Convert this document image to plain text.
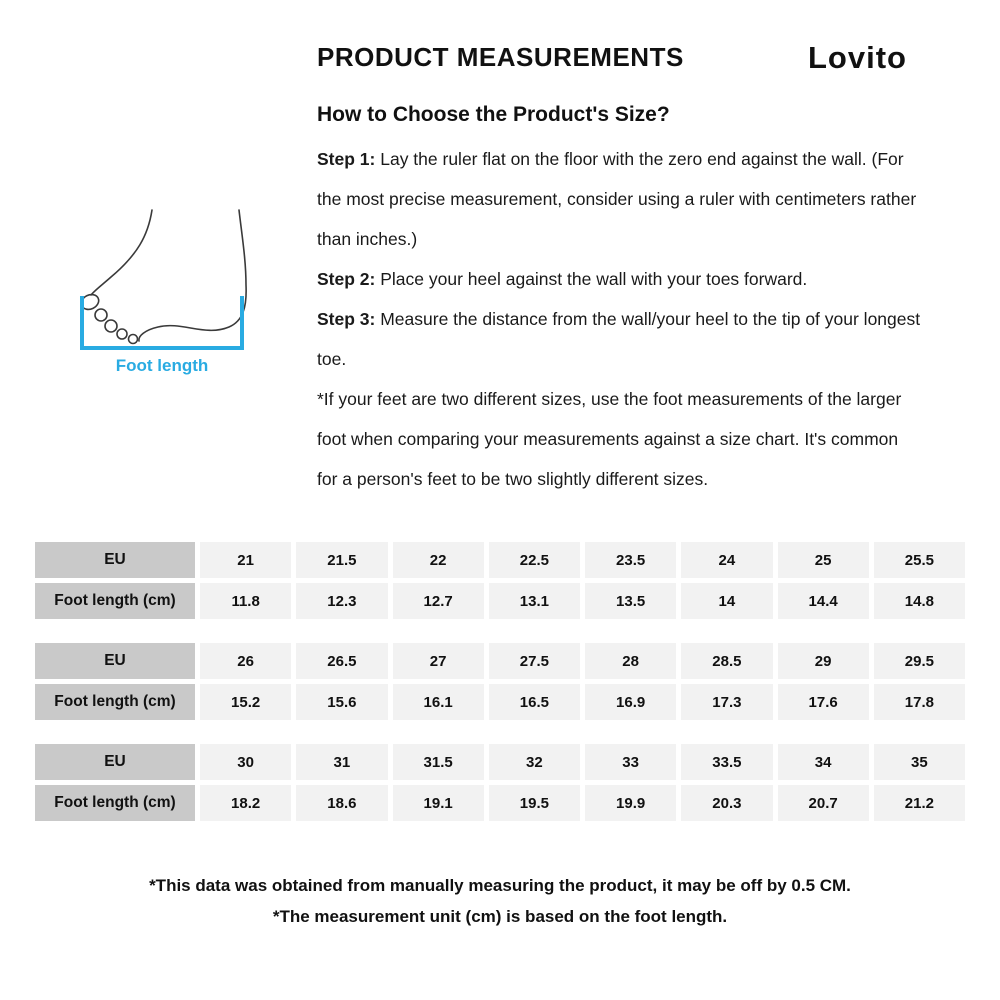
PRODUCT MEASUREMENTS	Lovito
How to Choose the Product's Size?

Step 1: Lay the ruler flat on the floor with the zero end against the wall. (For the most precise measurement, consider using a ruler with centimeters rather than inches.)

Step 2: Place your heel against the wall with your toes forward.

Step 3: Measure the distance from the wall/your heel to the tip of your longest toe.

*If your feet are two different sizes, use the foot measurements of the larger foot when comparing your measurements against a size chart. It's common for a person's feet to be two slightly different sizes.

Foot length

EU	21	21.5	22	22.5	23.5	24	25	25.5
Foot length (cm)	11.8	12.3	12.7	13.1	13.5	14	14.4	14.8
EU	26	26.5	27	27.5	28	28.5	29	29.5
Foot length (cm)	15.2	15.6	16.1	16.5	16.9	17.3	17.6	17.8
EU	30	31	31.5	32	33	33.5	34	35
Foot length (cm)	18.2	18.6	19.1	19.5	19.9	20.3	20.7	21.2

*This data was obtained from manually measuring the product, it may be off by 0.5 CM.

*The measurement unit (cm) is based on the foot length.
